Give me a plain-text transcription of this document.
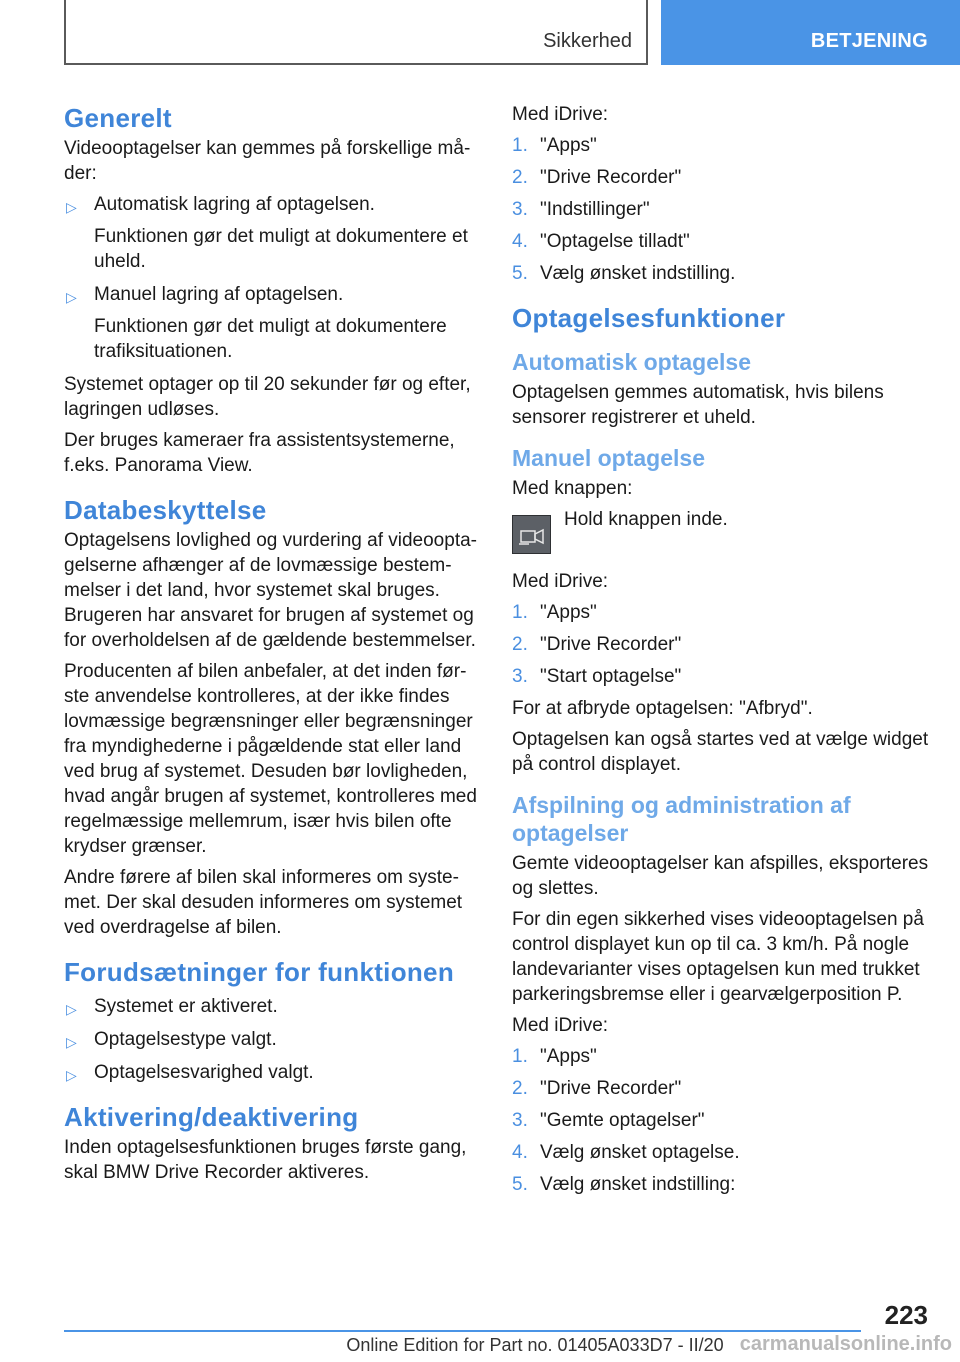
Sikkerhed	BETJENING
Generelt

Videooptagelser kan gemmes på forskellige måder:

▷ Automatisk lagring af optagelsen.
Funktionen gør det muligt at dokumentere et uheld.
▷ Manuel lagring af optagelsen.
Funktionen gør det muligt at dokumentere trafiksituationen.

Systemet optager op til 20 sekunder før og efter, lagringen udløses.

Der bruges kameraer fra assistentsystemerne, f.eks. Panorama View.

Databeskyttelse

Optagelsens lovlighed og vurdering af videooptagelserne afhænger af de lovmæssige bestemmelser i det land, hvor systemet skal bruges. Brugeren har ansvaret for brugen af systemet og for overholdelsen af de gældende bestemmelser.

Producenten af bilen anbefaler, at det inden første anvendelse kontrolleres, at der ikke findes lovmæssige begrænsninger eller begrænsninger fra myndighederne i pågældende stat eller land ved brug af systemet. Desuden bør lovligheden, hvad angår brugen af systemet, kontrolleres med regelmæssige mellemrum, især hvis bilen ofte krydser grænser.

Andre førere af bilen skal informeres om systemet. Der skal desuden informeres om systemet ved overdragelse af bilen.

Forudsætninger for funktionen
▷ Systemet er aktiveret.
▷ Optagelsestype valgt.
▷ Optagelsesvarighed valgt.
Aktivering/deaktivering

Inden optagelsesfunktionen bruges første gang, skal BMW Drive Recorder aktiveres.

Med iDrive:

1. "Apps"
2. "Drive Recorder"
3. "Indstillinger"
4. "Optagelse tilladt"
5. Vælg ønsket indstilling.
Optagelsesfunktioner
Automatisk optagelse

Optagelsen gemmes automatisk, hvis bilens sensorer registrerer et uheld.

Manuel optagelse

Med knappen:

Hold knappen inde.

Med iDrive:

1. "Apps"
2. "Drive Recorder"
3. "Start optagelse"

For at afbryde optagelsen: "Afbryd".

Optagelsen kan også startes ved at vælge widget på control displayet.

Afspilning og administration af optagelser

Gemte videooptagelser kan afspilles, eksporteres og slettes.

For din egen sikkerhed vises videooptagelsen på control displayet kun op til ca. 3 km/h. På nogle landevarianter vises optagelsen kun med trukket parkeringsbremse eller i gearvælgerposition P.

Med iDrive:

1. "Apps"
2. "Drive Recorder"
3. "Gemte optagelser"
4. Vælg ønsket optagelse.
5. Vælg ønsket indstilling:
223
Online Edition for Part no. 01405A033D7 - II/20 carmanualsonline.info
